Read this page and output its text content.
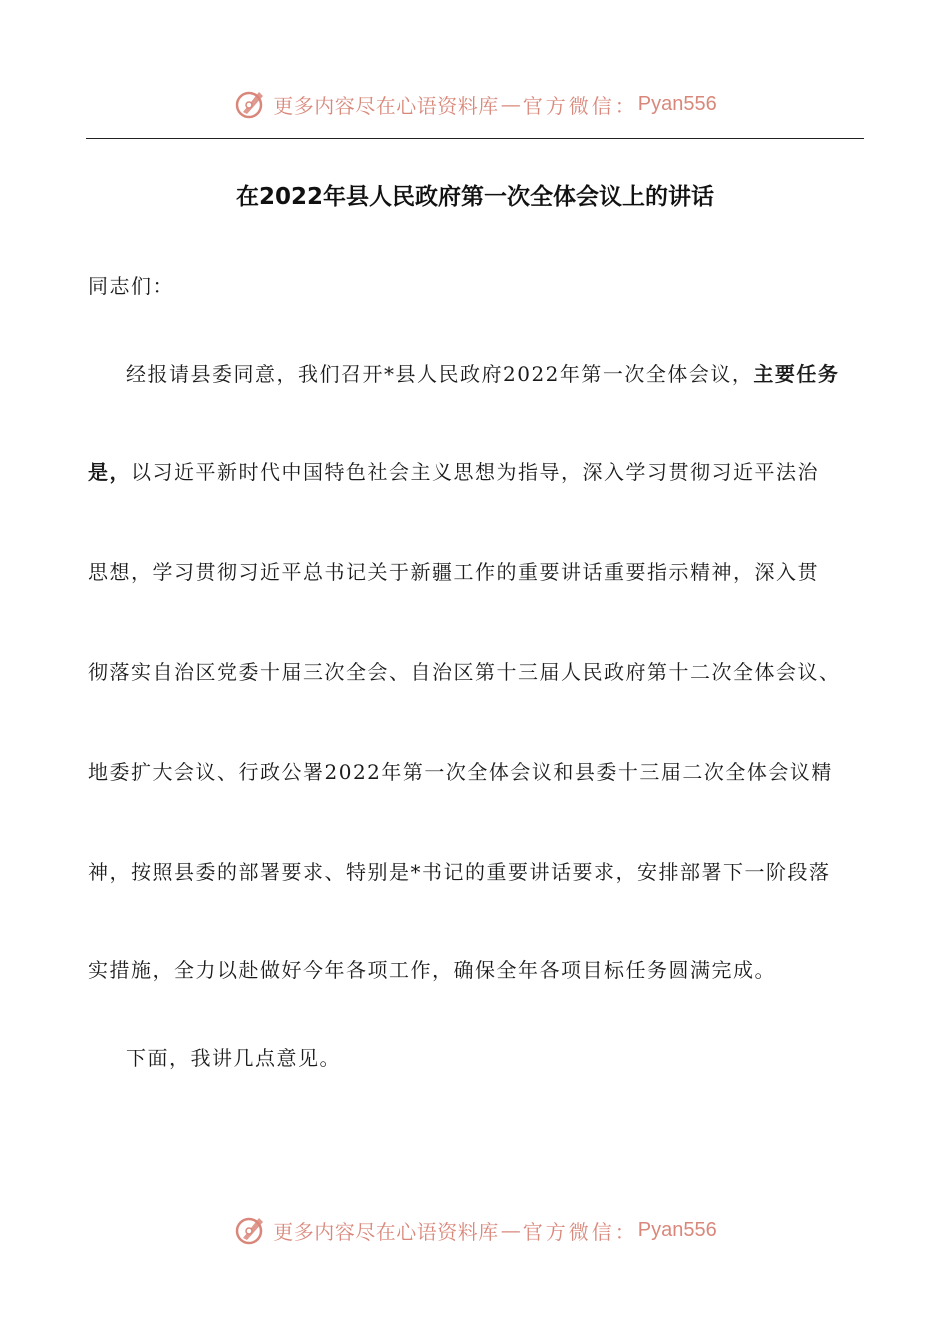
更多内容尽在心语资料库 — 官方微信： Pyan556
在2022年县人民政府第一次全体会议上的讲话
同志们：
经报请县委同意，我们召开*县人民政府2022年第一次全体会议，主要任务
是，以习近平新时代中国特色社会主义思想为指导，深入学习贯彻习近平法治
思想，学习贯彻习近平总书记关于新疆工作的重要讲话重要指示精神，深入贯
彻落实自治区党委十届三次全会、自治区第十三届人民政府第十二次全体会议、
地委扩大会议、行政公署2022年第一次全体会议和县委十三届二次全体会议精
神，按照县委的部署要求、特别是*书记的重要讲话要求，安排部署下一阶段落
实措施，全力以赴做好今年各项工作，确保全年各项目标任务圆满完成。
下面，我讲几点意见。
更多内容尽在心语资料库 — 官方微信： Pyan556
